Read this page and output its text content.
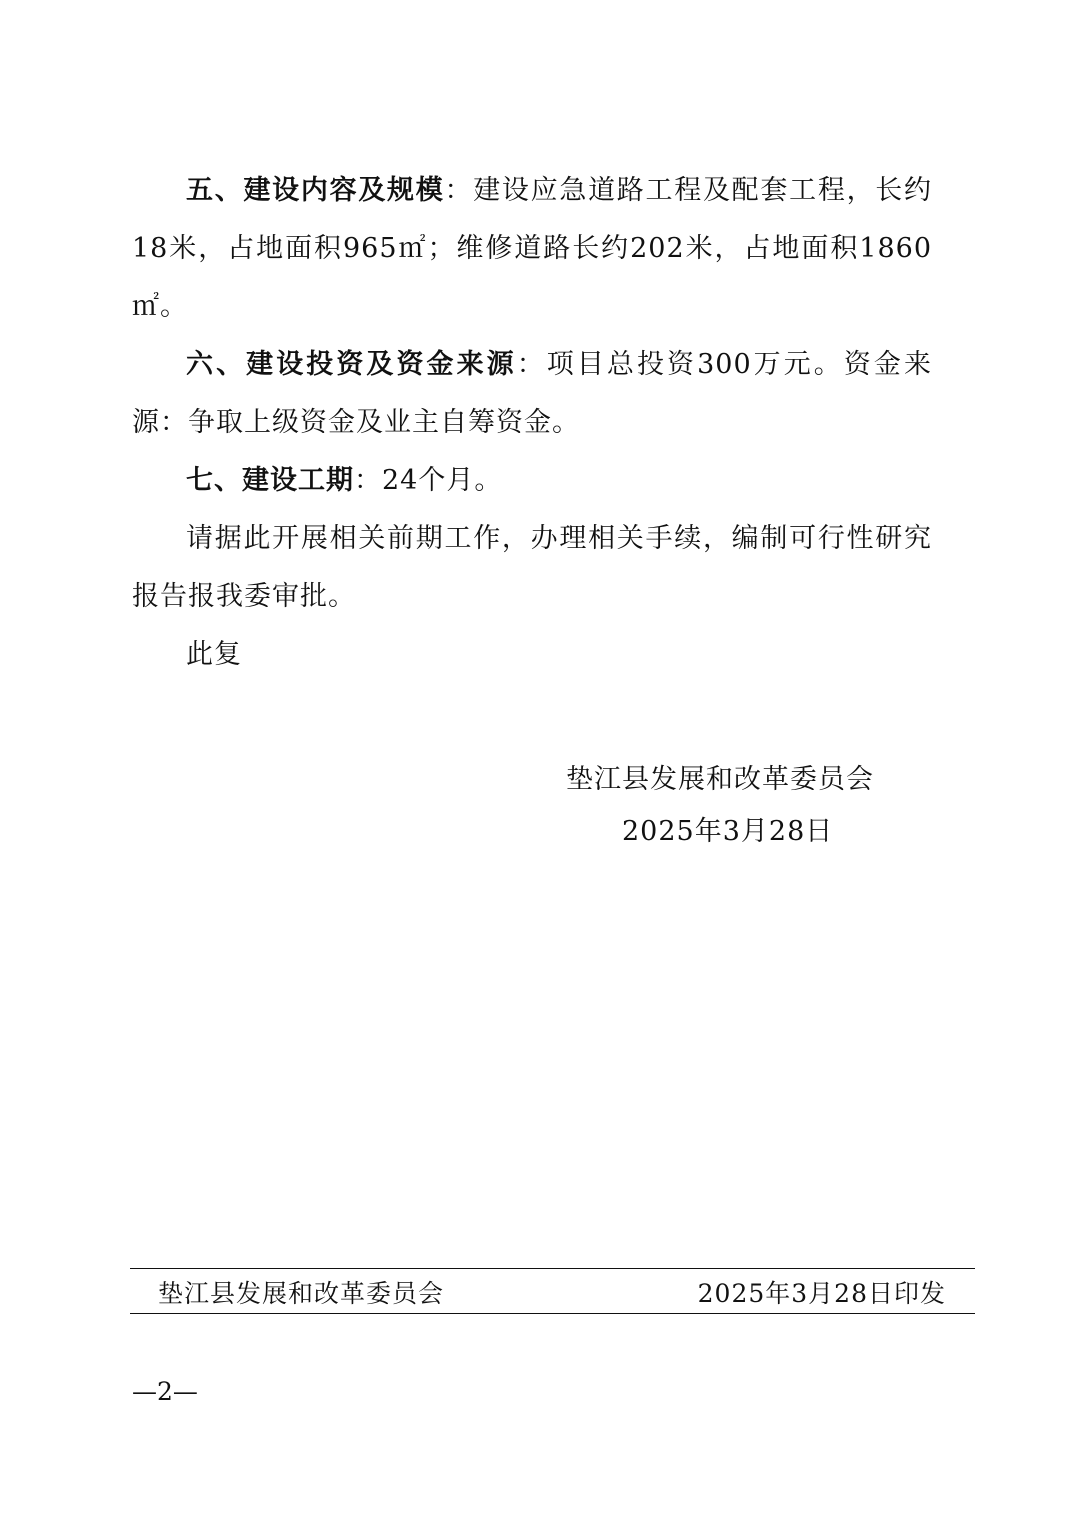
五、建设内容及规模：建设应急道路工程及配套工程，长约18米，占地面积965㎡；维修道路长约202米，占地面积1860㎡。

六、建设投资及资金来源：项目总投资300万元。资金来源：争取上级资金及业主自筹资金。

七、建设工期：24个月。

请据此开展相关前期工作，办理相关手续，编制可行性研究报告报我委审批。

此复

垫江县发展和改革委员会
2025年3月28日
垫江县发展和改革委员会	2025年3月28日印发
—2—
